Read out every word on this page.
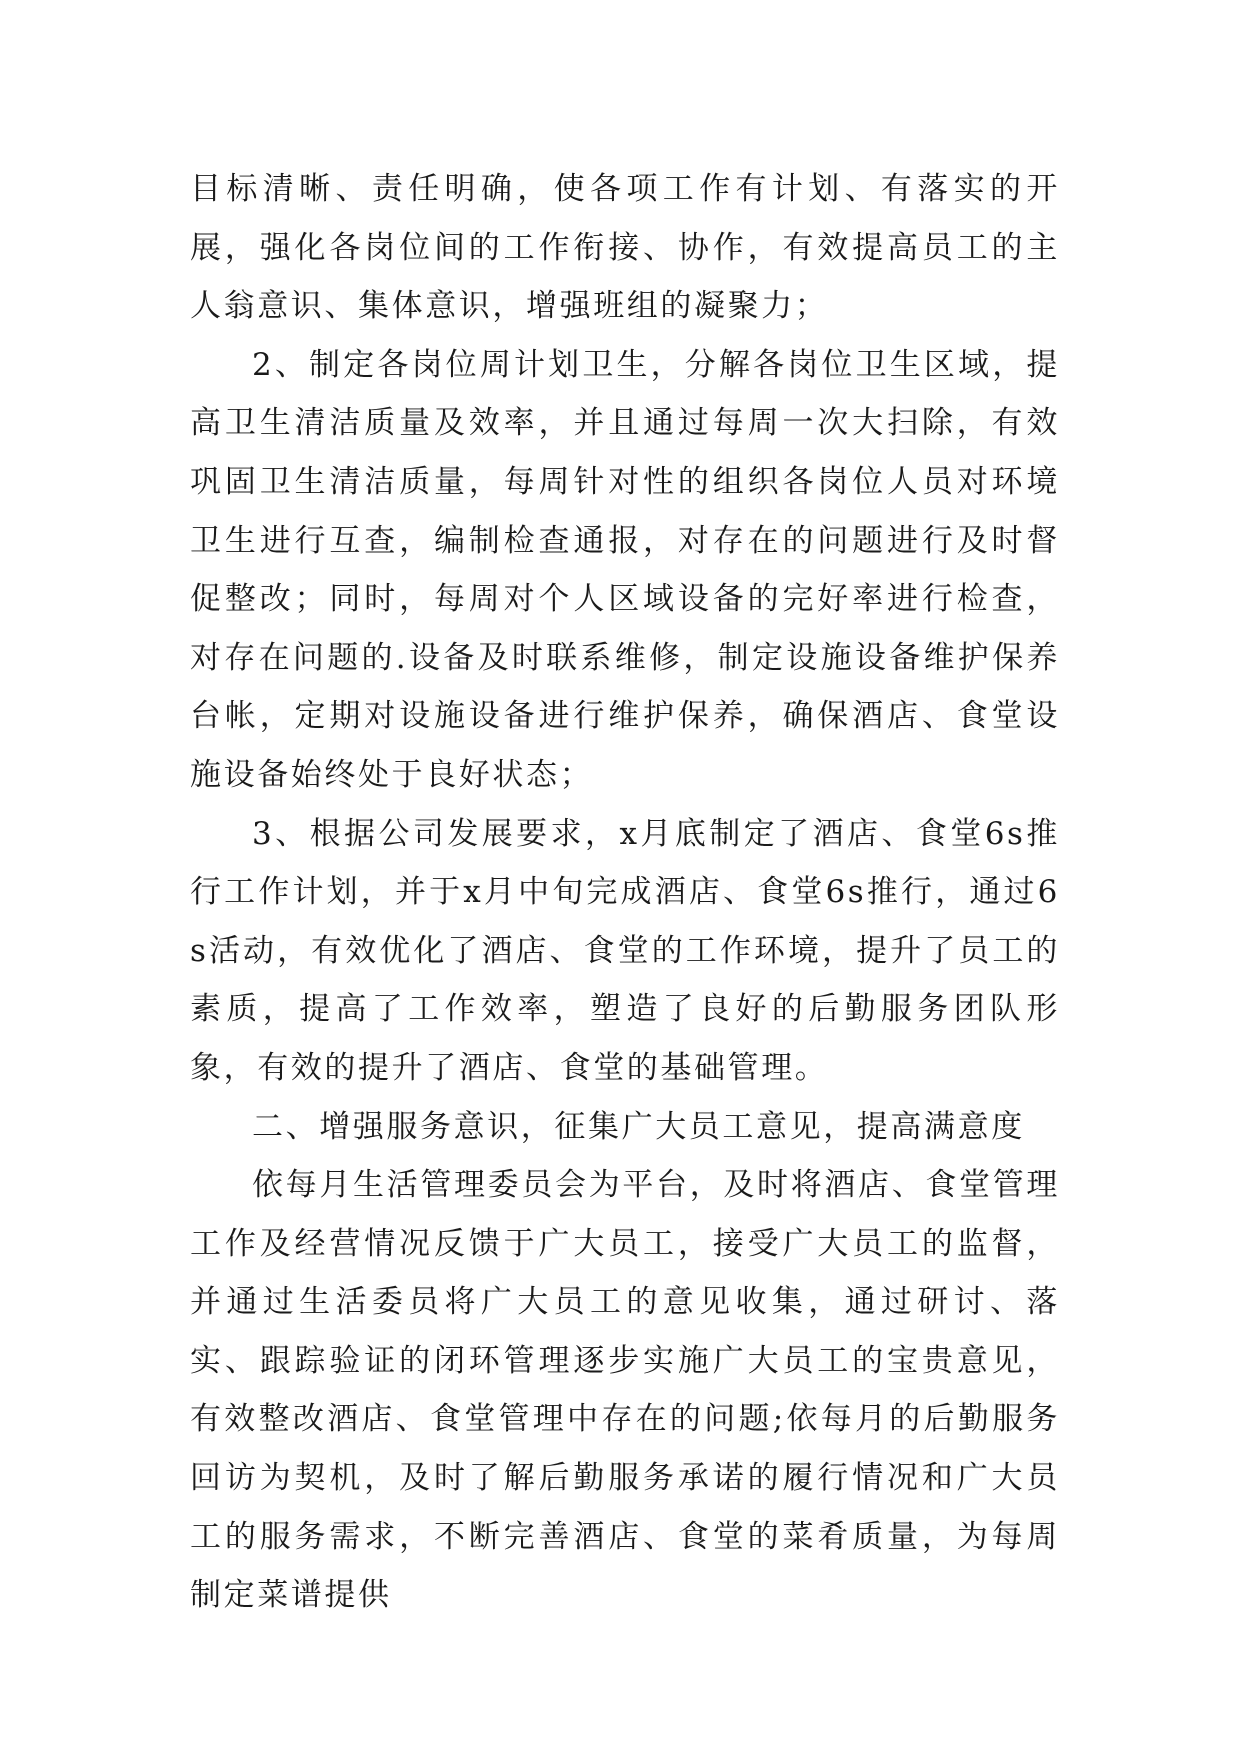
目标清晰、责任明确，使各项工作有计划、有落实的开展，强化各岗位间的工作衔接、协作，有效提高员工的主人翁意识、集体意识，增强班组的凝聚力；

2、制定各岗位周计划卫生，分解各岗位卫生区域，提高卫生清洁质量及效率，并且通过每周一次大扫除，有效巩固卫生清洁质量，每周针对性的组织各岗位人员对环境卫生进行互查，编制检查通报，对存在的问题进行及时督促整改；同时，每周对个人区域设备的完好率进行检查，对存在问题的.设备及时联系维修，制定设施设备维护保养台帐，定期对设施设备进行维护保养，确保酒店、食堂设施设备始终处于良好状态；

3、根据公司发展要求，x月底制定了酒店、食堂6s推行工作计划，并于x月中旬完成酒店、食堂6s推行，通过6s活动，有效优化了酒店、食堂的工作环境，提升了员工的素质，提高了工作效率，塑造了良好的后勤服务团队形象，有效的提升了酒店、食堂的基础管理。

二、增强服务意识，征集广大员工意见，提高满意度

依每月生活管理委员会为平台，及时将酒店、食堂管理工作及经营情况反馈于广大员工，接受广大员工的监督，并通过生活委员将广大员工的意见收集，通过研讨、落实、跟踪验证的闭环管理逐步实施广大员工的宝贵意见，有效整改酒店、食堂管理中存在的问题;依每月的后勤服务回访为契机，及时了解后勤服务承诺的履行情况和广大员工的服务需求，不断完善酒店、食堂的菜肴质量，为每周制定菜谱提供
